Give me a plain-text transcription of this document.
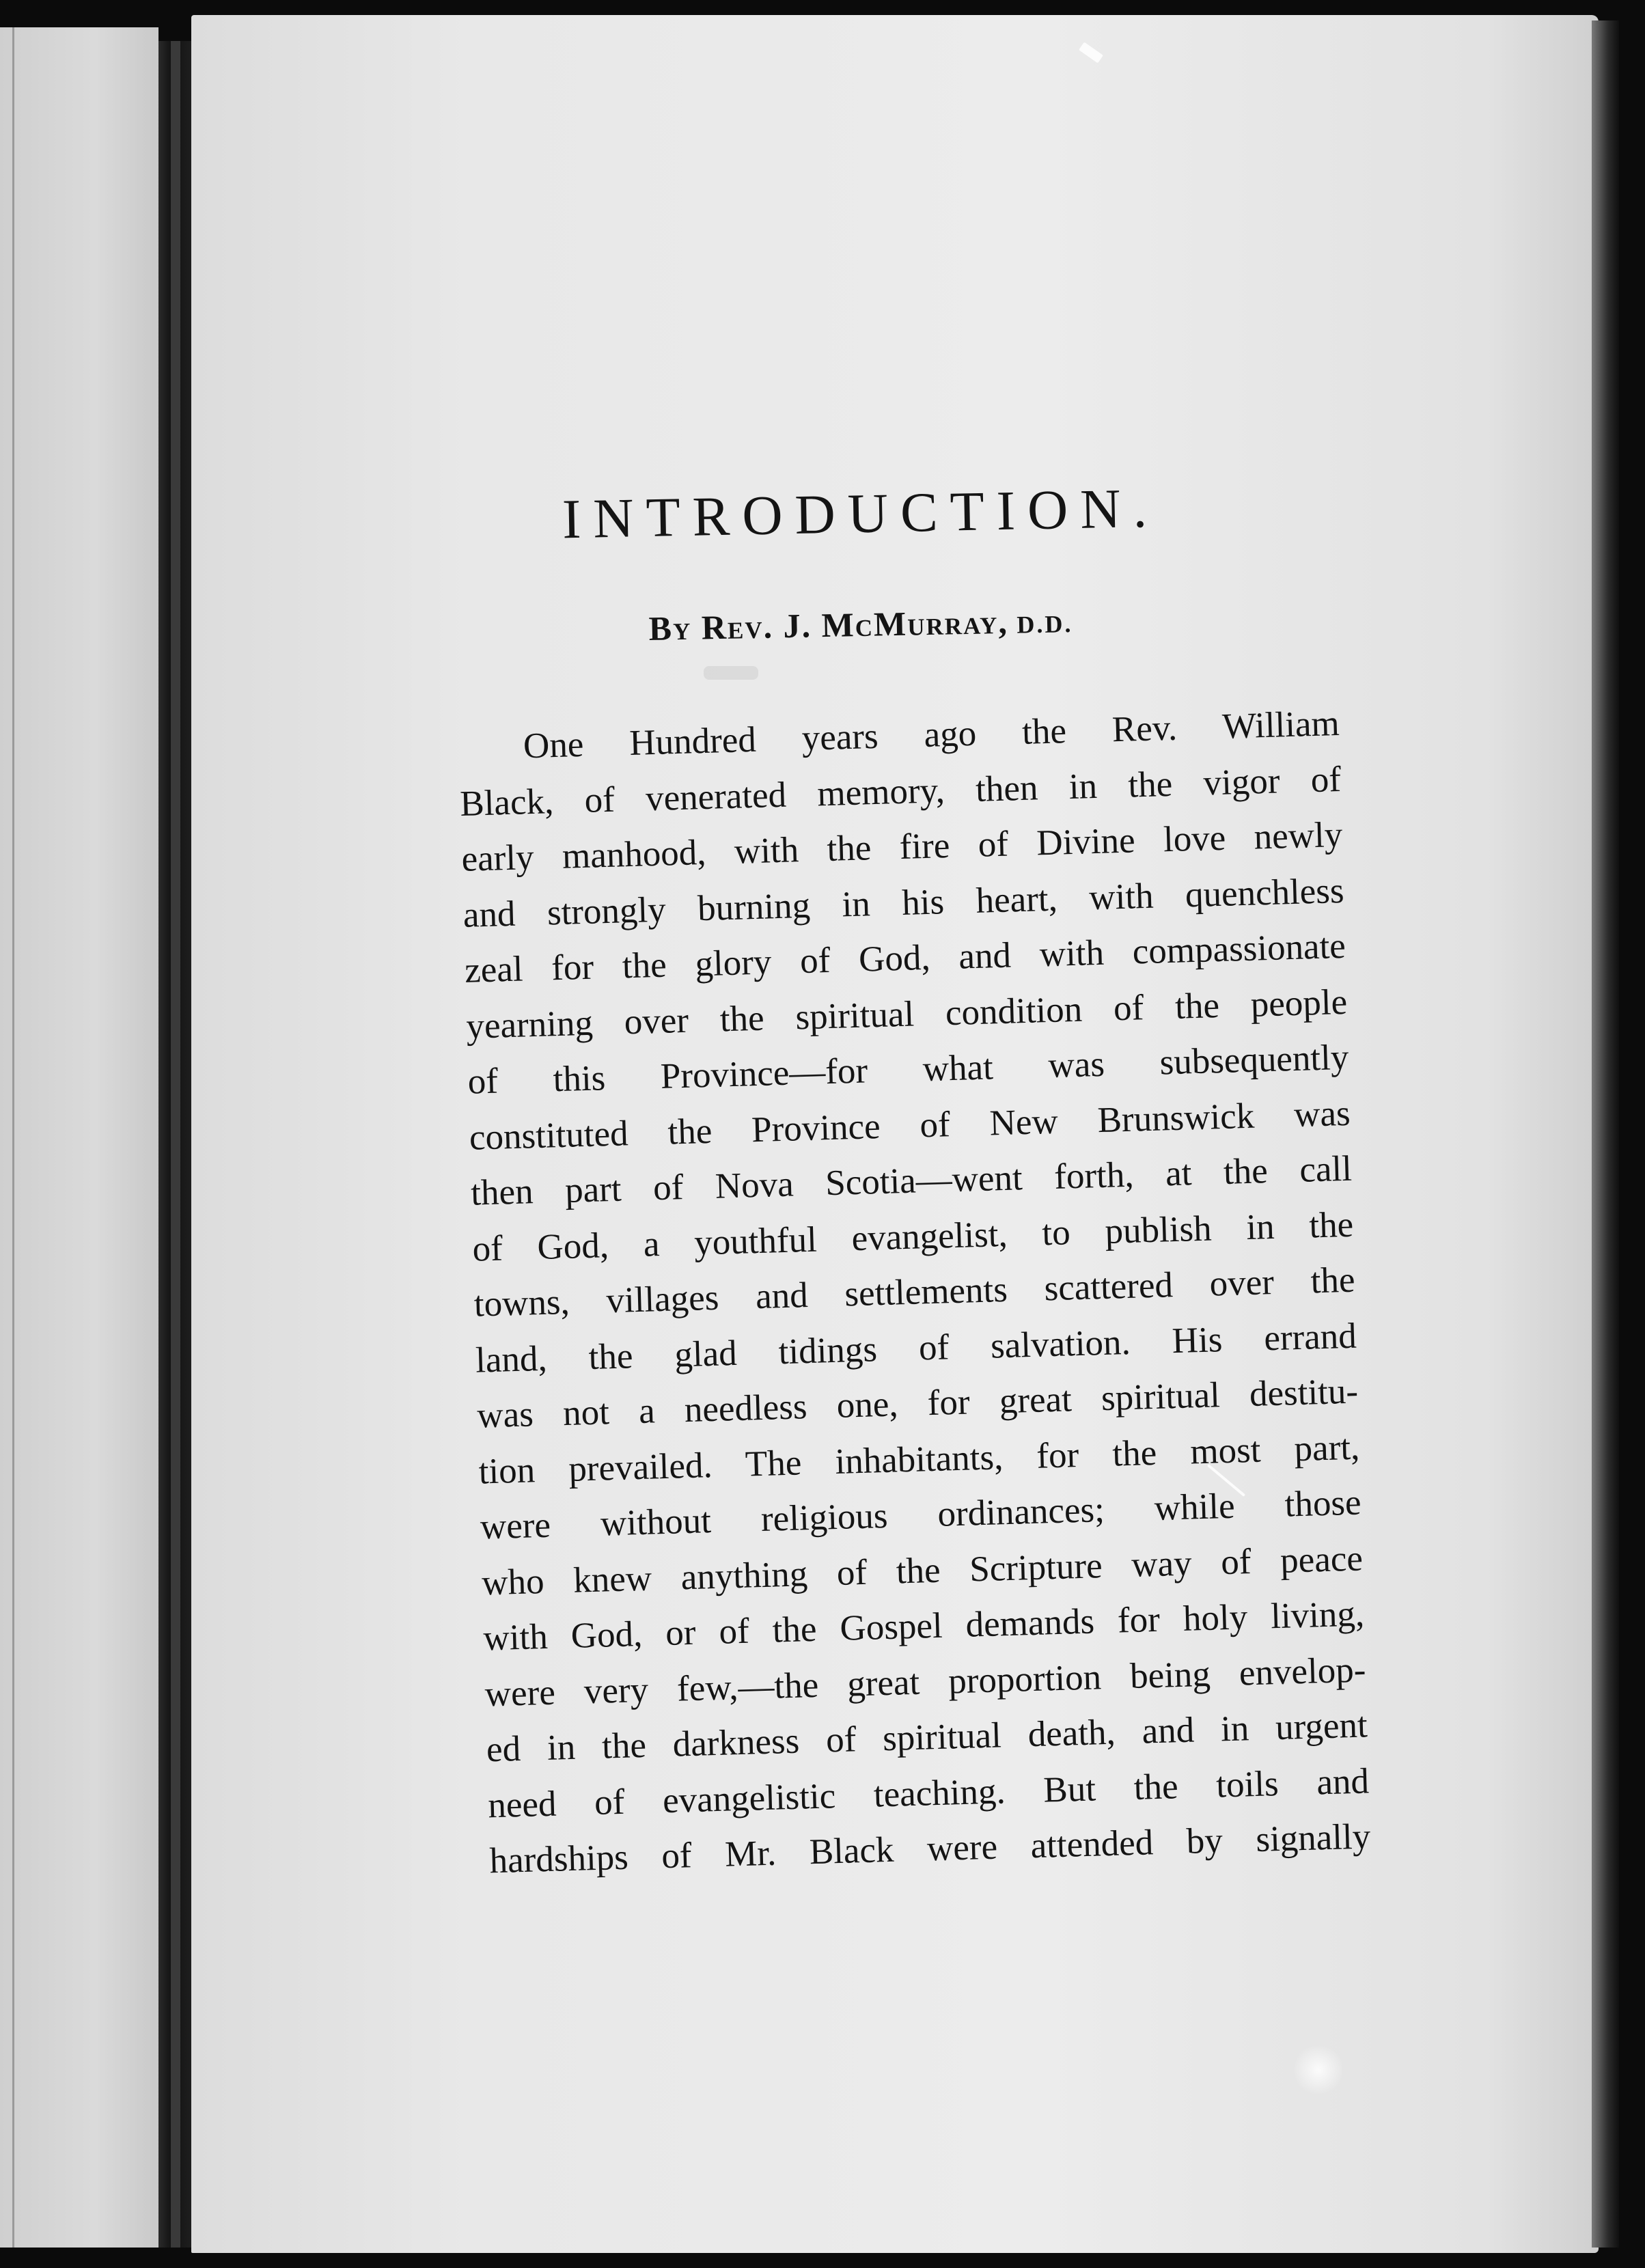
INTRODUCTION.
By Rev. J. McMurray, D.D.
One Hundred years ago the Rev. William
Black, of venerated memory, then in the vigor of
early manhood, with the fire of Divine love newly
and strongly burning in his heart, with quenchless
zeal for the glory of God, and with compassionate
yearning over the spiritual condition of the people
of this Province—for what was subsequently
constituted the Province of New Brunswick was
then part of Nova Scotia—went forth, at the call
of God, a youthful evangelist, to publish in the
towns, villages and settlements scattered over the
land, the glad tidings of salvation. His errand
was not a needless one, for great spiritual destitu-
tion prevailed. The inhabitants, for the most part,
were without religious ordinances; while those
who knew anything of the Scripture way of peace
with God, or of the Gospel demands for holy living,
were very few,—the great proportion being envelop-
ed in the darkness of spiritual death, and in urgent
need of evangelistic teaching. But the toils and
hardships of Mr. Black were attended by signally
